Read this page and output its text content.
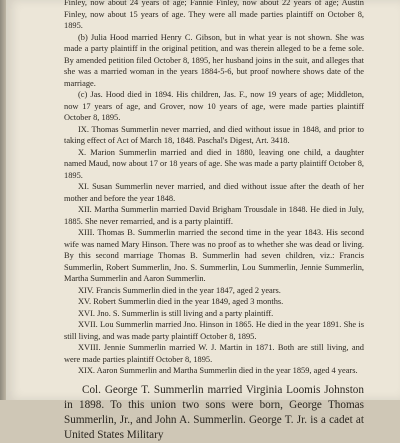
Finley, now about 24 years of age; Fannie Finley, now about 22 years of age; Austin Finley, now about 15 years of age. They were all made parties plaintiff on October 8, 1895.

(b) Julia Hood married Henry C. Gibson, but in what year is not shown. She was made a party plaintiff in the original petition, and was therein alleged to be a feme sole. By amended petition filed October 8, 1895, her husband joins in the suit, and alleges that she was a married woman in the years 1884-5-6, but proof nowhere shows date of the marriage.

(c) Jas. Hood died in 1894. His children, Jas. F., now 19 years of age; Middleton, now 17 years of age, and Grover, now 10 years of age, were made parties plaintiff October 8, 1895.

IX. Thomas Summerlin never married, and died without issue in 1848, and prior to taking effect of Act of March 18, 1848. Paschal's Digest, Art. 3418.

X. Marion Summerlin married and died in 1880, leaving one child, a daughter named Maud, now about 17 or 18 years of age. She was made a party plaintiff October 8, 1895.

XI. Susan Summerlin never married, and died without issue after the death of her mother and before the year 1848.

XII. Martha Summerlin married David Brigham Trousdale in 1848. He died in July, 1885. She never remarried, and is a party plaintiff.

XIII. Thomas B. Summerlin married the second time in the year 1843. His second wife was named Mary Hinson. There was no proof as to whether she was dead or living. By this second marriage Thomas B. Summerlin had seven children, viz.: Francis Summerlin, Robert Summerlin, Jno. S. Summerlin, Lou Summerlin, Jennie Summerlin, Martha Summerlin and Aaron Summerlin.

XIV. Francis Summerlin died in the year 1847, aged 2 years.

XV. Robert Summerlin died in the year 1849, aged 3 months.

XVI. Jno. S. Summerlin is still living and a party plaintiff.

XVII. Lou Summerlin married Jno. Hinson in 1865. He died in the year 1891. She is still living, and was made party plaintiff October 8, 1895.

XVIII. Jennie Summerlin married W. J. Martin in 1871. Both are still living, and were made parties plaintiff October 8, 1895.

XIX. Aaron Summerlin and Martha Summerlin died in the year 1859, aged 4 years.

Col. George T. Summerlin married Virginia Loomis Johnston in 1898. To this union two sons were born, George Thomas Summerlin, Jr., and John A. Summerlin. George T. Jr. is a cadet at United States Military
